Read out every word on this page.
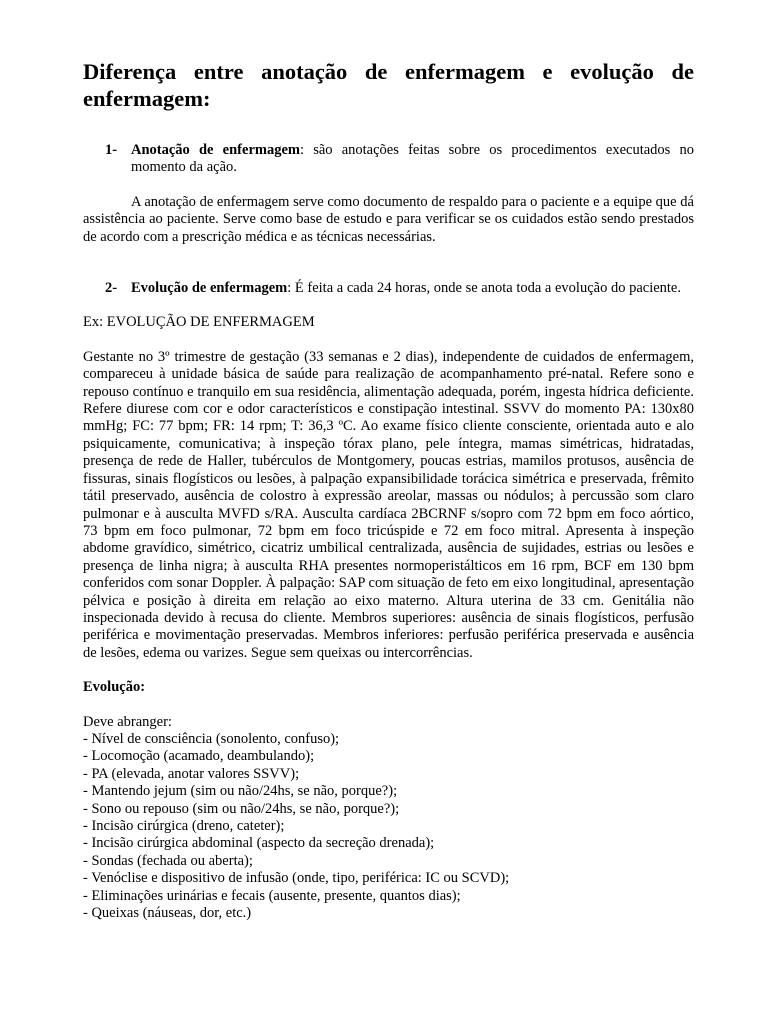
Diferença entre anotação de enfermagem e evolução de enfermagem:
1- Anotação de enfermagem: são anotações feitas sobre os procedimentos executados no momento da ação.

A anotação de enfermagem serve como documento de respaldo para o paciente e a equipe que dá assistência ao paciente. Serve como base de estudo e para verificar se os cuidados estão sendo prestados de acordo com a prescrição médica e as técnicas necessárias.

2- Evolução de enfermagem: É feita a cada 24 horas, onde se anota toda a evolução do paciente.

Ex: EVOLUÇÃO DE ENFERMAGEM

Gestante no 3º trimestre de gestação (33 semanas e 2 dias), independente de cuidados de enfermagem, compareceu à unidade básica de saúde para realização de acompanhamento pré-natal. Refere sono e repouso contínuo e tranquilo em sua residência, alimentação adequada, porém, ingesta hídrica deficiente. Refere diurese com cor e odor característicos e constipação intestinal. SSVV do momento PA: 130x80 mmHg; FC: 77 bpm; FR: 14 rpm; T: 36,3 ºC. Ao exame físico cliente consciente, orientada auto e alo psiquicamente, comunicativa; à inspeção tórax plano, pele íntegra, mamas simétricas, hidratadas, presença de rede de Haller, tubérculos de Montgomery, poucas estrias, mamilos protusos, ausência de fissuras, sinais flogísticos ou lesões, à palpação expansibilidade torácica simétrica e preservada, frêmito tátil preservado, ausência de colostro à expressão areolar, massas ou nódulos; à percussão som claro pulmonar e à ausculta MVFD s/RA. Ausculta cardíaca 2BCRNF s/sopro com 72 bpm em foco aórtico, 73 bpm em foco pulmonar, 72 bpm em foco tricúspide e 72 em foco mitral. Apresenta à inspeção abdome gravídico, simétrico, cicatriz umbilical centralizada, ausência de sujidades, estrias ou lesões e presença de linha nigra; à ausculta RHA presentes normoperistálticos em 16 rpm, BCF em 130 bpm conferidos com sonar Doppler. À palpação: SAP com situação de feto em eixo longitudinal, apresentação pélvica e posição à direita em relação ao eixo materno. Altura uterina de 33 cm. Genitália não inspecionada devido à recusa do cliente. Membros superiores: ausência de sinais flogísticos, perfusão periférica e movimentação preservadas. Membros inferiores: perfusão periférica preservada e ausência de lesões, edema ou varizes. Segue sem queixas ou intercorrências.

Evolução:

Deve abranger:

- Nível de consciência (sonolento, confuso);
- Locomoção (acamado, deambulando);
- PA (elevada, anotar valores SSVV);
- Mantendo jejum (sim ou não/24hs, se não, porque?);
- Sono ou repouso (sim ou não/24hs, se não, porque?);
- Incisão cirúrgica (dreno, cateter);
- Incisão cirúrgica abdominal (aspecto da secreção drenada);
- Sondas (fechada ou aberta);
- Venóclise e dispositivo de infusão (onde, tipo, periférica: IC ou SCVD);
- Eliminações urinárias e fecais (ausente, presente, quantos dias);
- Queixas (náuseas, dor, etc.)
